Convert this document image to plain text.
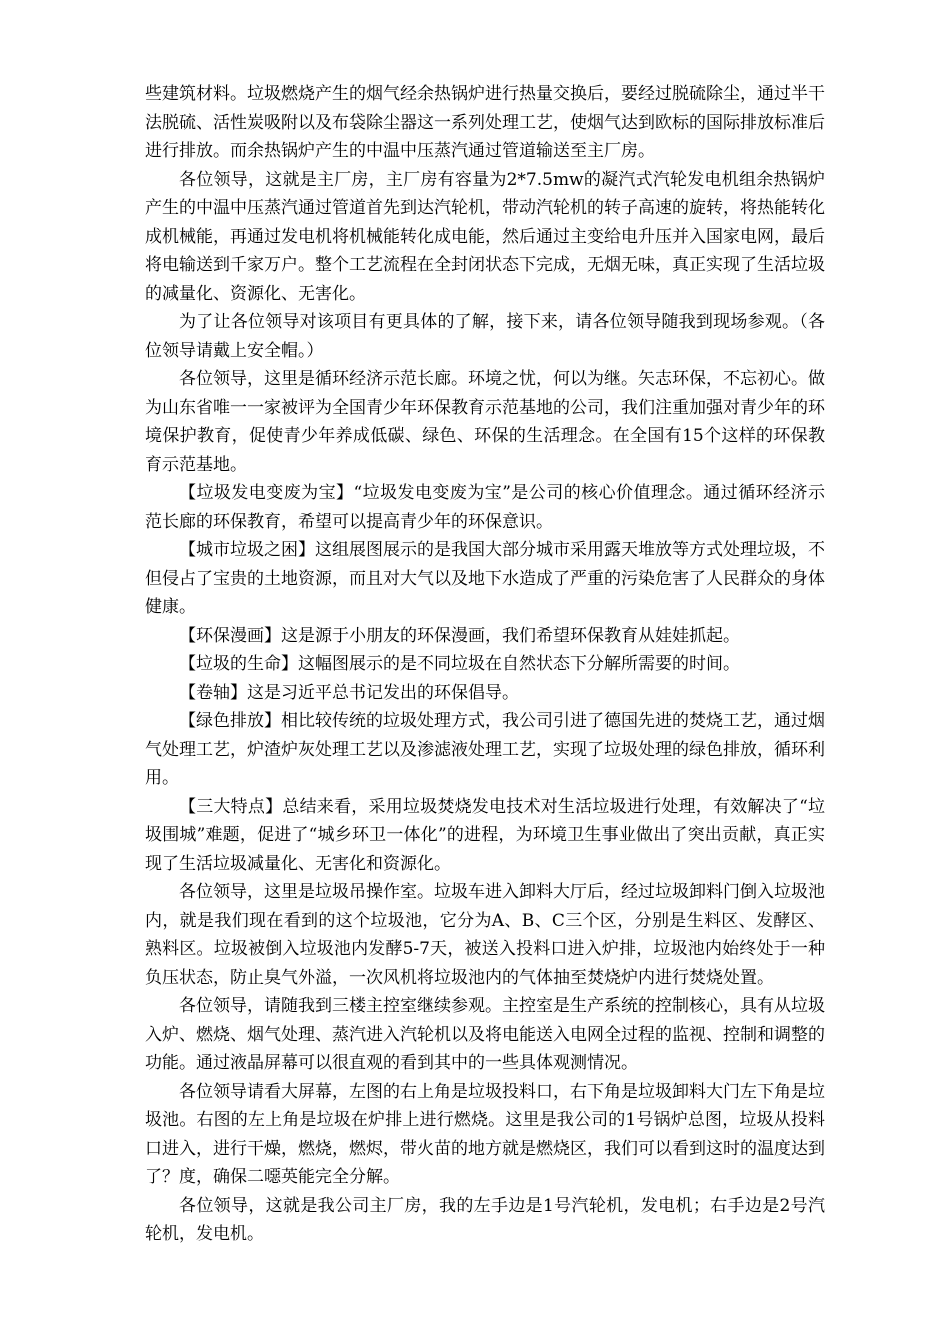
些建筑材料。垃圾燃烧产生的烟气经余热锅炉进行热量交换后，要经过脱硫除尘，通过半干法脱硫、活性炭吸附以及布袋除尘器这一系列处理工艺，使烟气达到欧标的国际排放标准后进行排放。而余热锅炉产生的中温中压蒸汽通过管道输送至主厂房。

各位领导，这就是主厂房，主厂房有容量为2*7.5mw的凝汽式汽轮发电机组余热锅炉产生的中温中压蒸汽通过管道首先到达汽轮机，带动汽轮机的转子高速的旋转，将热能转化成机械能，再通过发电机将机械能转化成电能，然后通过主变给电升压并入国家电网，最后将电输送到千家万户。整个工艺流程在全封闭状态下完成，无烟无味，真正实现了生活垃圾的减量化、资源化、无害化。

为了让各位领导对该项目有更具体的了解，接下来，请各位领导随我到现场参观。（各位领导请戴上安全帽。）

各位领导，这里是循环经济示范长廊。环境之忧，何以为继。矢志环保，不忘初心。做为山东省唯一一家被评为全国青少年环保教育示范基地的公司，我们注重加强对青少年的环境保护教育，促使青少年养成低碳、绿色、环保的生活理念。在全国有15个这样的环保教育示范基地。

【垃圾发电变废为宝】“垃圾发电变废为宝”是公司的核心价值理念。通过循环经济示范长廊的环保教育，希望可以提高青少年的环保意识。

【城市垃圾之困】这组展图展示的是我国大部分城市采用露天堆放等方式处理垃圾，不但侵占了宝贵的土地资源，而且对大气以及地下水造成了严重的污染危害了人民群众的身体健康。

【环保漫画】这是源于小朋友的环保漫画，我们希望环保教育从娃娃抓起。

【垃圾的生命】这幅图展示的是不同垃圾在自然状态下分解所需要的时间。

【卷轴】这是习近平总书记发出的环保倡导。

【绿色排放】相比较传统的垃圾处理方式，我公司引进了德国先进的焚烧工艺，通过烟气处理工艺，炉渣炉灰处理工艺以及渗滤液处理工艺，实现了垃圾处理的绿色排放，循环利用。

【三大特点】总结来看，采用垃圾焚烧发电技术对生活垃圾进行处理，有效解决了“垃圾围城”难题，促进了“城乡环卫一体化”的进程，为环境卫生事业做出了突出贡献，真正实现了生活垃圾减量化、无害化和资源化。

各位领导，这里是垃圾吊操作室。垃圾车进入卸料大厅后，经过垃圾卸料门倒入垃圾池内，就是我们现在看到的这个垃圾池，它分为A、B、C三个区，分别是生料区、发酵区、熟料区。垃圾被倒入垃圾池内发酵5-7天，被送入投料口进入炉排，垃圾池内始终处于一种负压状态，防止臭气外溢，一次风机将垃圾池内的气体抽至焚烧炉内进行焚烧处置。

各位领导，请随我到三楼主控室继续参观。主控室是生产系统的控制核心，具有从垃圾入炉、燃烧、烟气处理、蒸汽进入汽轮机以及将电能送入电网全过程的监视、控制和调整的功能。通过液晶屏幕可以很直观的看到其中的一些具体观测情况。

各位领导请看大屏幕，左图的右上角是垃圾投料口，右下角是垃圾卸料大门左下角是垃圾池。右图的左上角是垃圾在炉排上进行燃烧。这里是我公司的1号锅炉总图，垃圾从投料口进入，进行干燥，燃烧，燃烬，带火苗的地方就是燃烧区，我们可以看到这时的温度达到了？度，确保二噁英能完全分解。

各位领导，这就是我公司主厂房，我的左手边是1号汽轮机，发电机；右手边是2号汽轮机，发电机。
